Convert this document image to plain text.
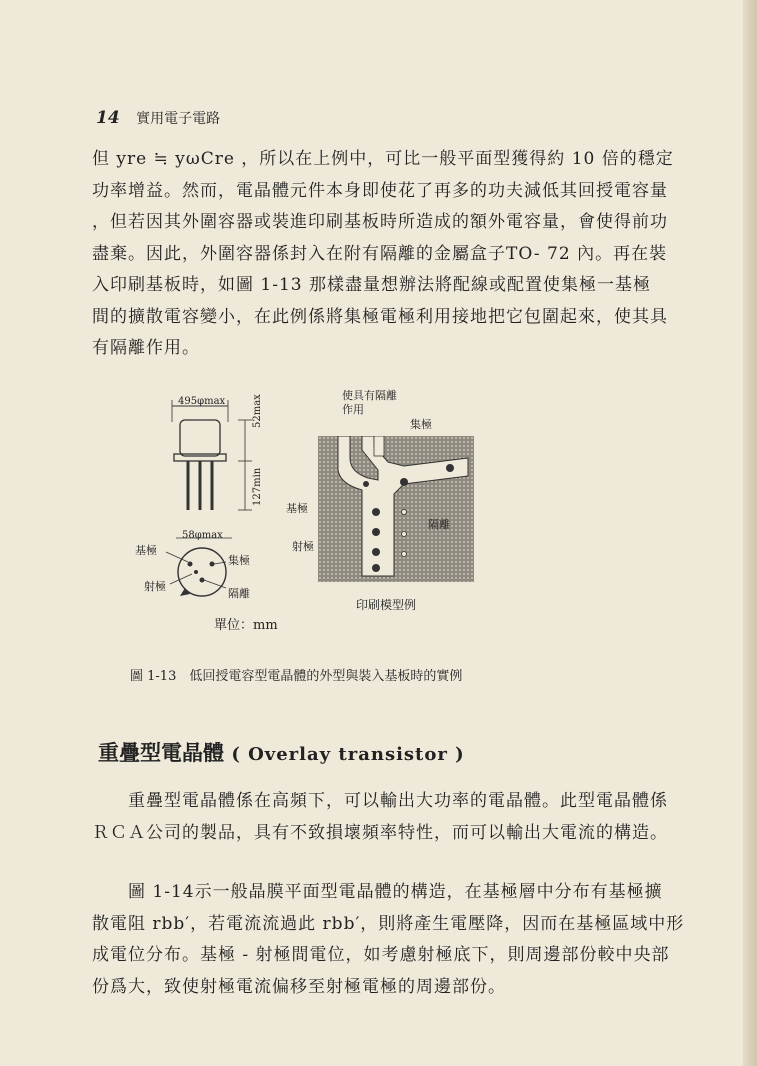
14 實用電子電路
但 yre ≒ yωCre ，所以在上例中，可比一般平面型獲得約 10 倍的穩定
功率增益。然而，電晶體元件本身即使花了再多的功夫減低其回授電容量
，但若因其外圍容器或裝進印刷基板時所造成的額外電容量，會使得前功
盡棄。因此，外圍容器係封入在附有隔離的金屬盒子TO- 72 內。再在裝
入印刷基板時，如圖 1-13 那樣盡量想辦法將配線或配置使集極一基極
間的擴散電容變小，在此例係將集極電極利用接地把它包圍起來，使其具
有隔離作用。
495φmax	52max
127min
58φmax
基極
集極
射極
隔離
單位：mm
使具有隔離作用
集極
基極
隔離
射極
印刷模型例
圖 1-13　低回授電容型電晶體的外型與裝入基板時的實例
重疊型電晶體 ( Overlay transistor )
　　重疊型電晶體係在高頻下，可以輸出大功率的電晶體。此型電晶體係
ＲＣＡ公司的製品，具有不致損壞頻率特性，而可以輸出大電流的構造。
　　圖 1-14示一般晶膜平面型電晶體的構造，在基極層中分布有基極擴
散電阻 rbb′，若電流流過此 rbb′，則將產生電壓降，因而在基極區域中形
成電位分布。基極 - 射極間電位，如考慮射極底下，則周邊部份較中央部
份爲大，致使射極電流偏移至射極電極的周邊部份。
